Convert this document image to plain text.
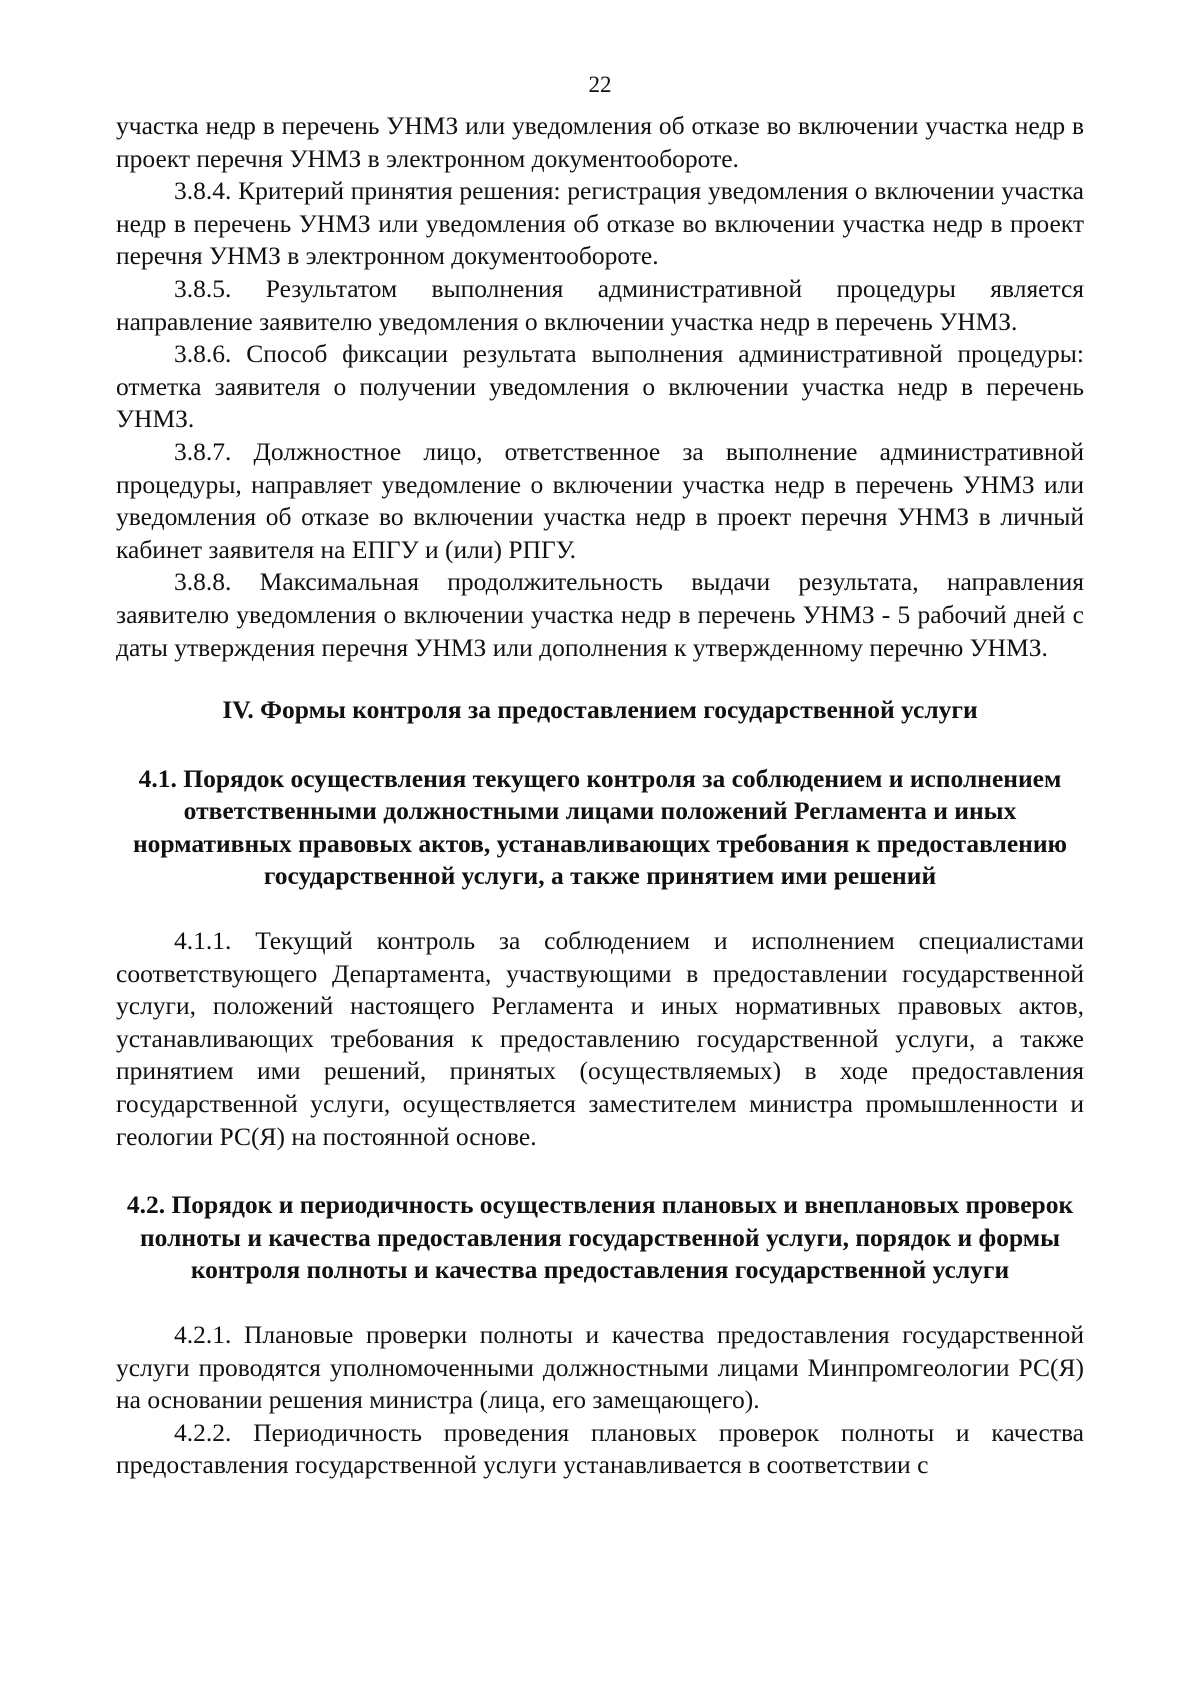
22

участка недр в перечень УНМЗ или уведомления об отказе во включении участка недр в проект перечня УНМЗ в электронном документообороте.

3.8.4. Критерий принятия решения: регистрация уведомления о включении участка недр в перечень УНМЗ или уведомления об отказе во включении участка недр в проект перечня УНМЗ в электронном документообороте.

3.8.5. Результатом выполнения административной процедуры является направление заявителю уведомления о включении участка недр в перечень УНМЗ.

3.8.6. Способ фиксации результата выполнения административной процедуры: отметка заявителя о получении уведомления о включении участка недр в перечень УНМЗ.

3.8.7. Должностное лицо, ответственное за выполнение административной процедуры, направляет уведомление о включении участка недр в перечень УНМЗ или уведомления об отказе во включении участка недр в проект перечня УНМЗ в личный кабинет заявителя на ЕПГУ и (или) РПГУ.

3.8.8. Максимальная продолжительность выдачи результата, направления заявителю уведомления о включении участка недр в перечень УНМЗ - 5 рабочий дней с даты утверждения перечня УНМЗ или дополнения к утвержденному перечню УНМЗ.

IV. Формы контроля за предоставлением государственной услуги
4.1. Порядок осуществления текущего контроля за соблюдением и исполнением ответственными должностными лицами положений Регламента и иных нормативных правовых актов, устанавливающих требования к предоставлению государственной услуги, а также принятием ими решений

4.1.1. Текущий контроль за соблюдением и исполнением специалистами соответствующего Департамента, участвующими в предоставлении государственной услуги, положений настоящего Регламента и иных нормативных правовых актов, устанавливающих требования к предоставлению государственной услуги, а также принятием ими решений, принятых (осуществляемых) в ходе предоставления государственной услуги, осуществляется заместителем министра промышленности и геологии РС(Я) на постоянной основе.

4.2. Порядок и периодичность осуществления плановых и внеплановых проверок полноты и качества предоставления государственной услуги, порядок и формы контроля полноты и качества предоставления государственной услуги

4.2.1. Плановые проверки полноты и качества предоставления государственной услуги проводятся уполномоченными должностными лицами Минпромгеологии РС(Я) на основании решения министра (лица, его замещающего).

4.2.2. Периодичность проведения плановых проверок полноты и качества предоставления государственной услуги устанавливается в соответствии с
